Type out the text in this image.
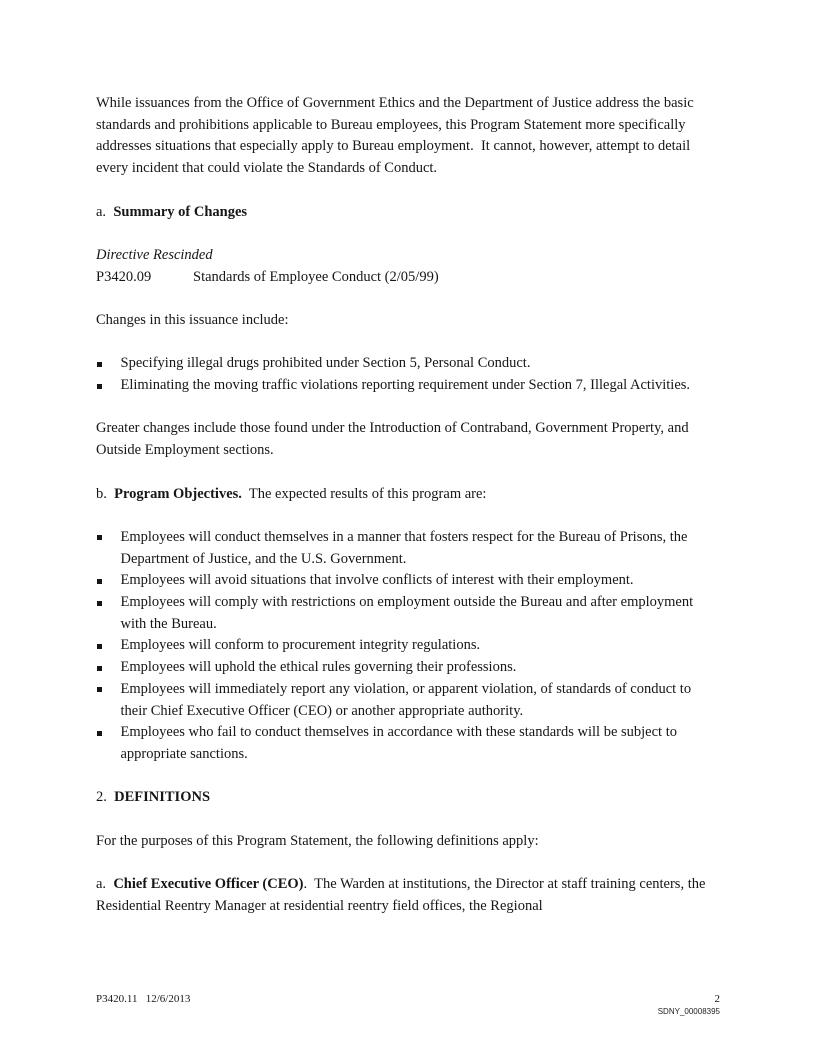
While issuances from the Office of Government Ethics and the Department of Justice address the basic standards and prohibitions applicable to Bureau employees, this Program Statement more specifically addresses situations that especially apply to Bureau employment.  It cannot, however, attempt to detail every incident that could violate the Standards of Conduct.

a.  Summary of Changes

Directive Rescinded
P3420.09	Standards of Employee Conduct (2/05/99)

Changes in this issuance include:

Specifying illegal drugs prohibited under Section 5, Personal Conduct.
Eliminating the moving traffic violations reporting requirement under Section 7, Illegal Activities.

Greater changes include those found under the Introduction of Contraband, Government Property, and Outside Employment sections.

b.  Program Objectives.  The expected results of this program are:

Employees will conduct themselves in a manner that fosters respect for the Bureau of Prisons, the Department of Justice, and the U.S. Government.
Employees will avoid situations that involve conflicts of interest with their employment.
Employees will comply with restrictions on employment outside the Bureau and after employment with the Bureau.
Employees will conform to procurement integrity regulations.
Employees will uphold the ethical rules governing their professions.
Employees will immediately report any violation, or apparent violation, of standards of conduct to their Chief Executive Officer (CEO) or another appropriate authority.
Employees who fail to conduct themselves in accordance with these standards will be subject to appropriate sanctions.

2.  DEFINITIONS

For the purposes of this Program Statement, the following definitions apply:

a.  Chief Executive Officer (CEO).  The Warden at institutions, the Director at staff training centers, the Residential Reentry Manager at residential reentry field offices, the Regional

P3420.11   12/6/2013	2
SDNY_00008395
